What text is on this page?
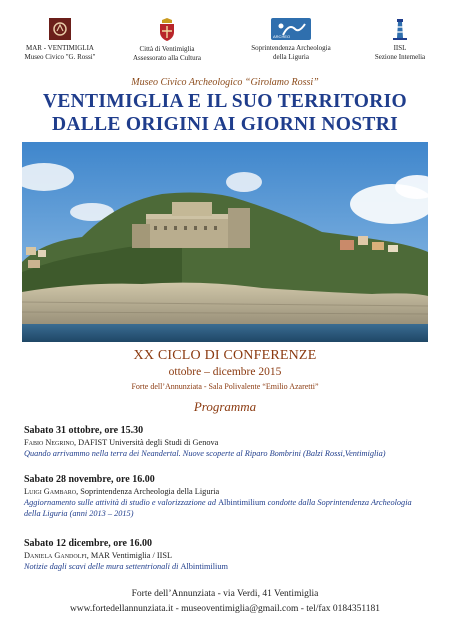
MAR - VENTIMIGLIA
Museo Civico "G. Rossi"
Città di Ventimiglia
Assessorato alla Cultura
ARCHEO
Soprintendenza Archeologia
della Liguria
IISL
Sezione Intemelia
Museo Civico Archeologico “Girolamo Rossi”
VENTIMIGLIA E IL SUO TERRITORIO
DALLE ORIGINI AI GIORNI NOSTRI
XX CICLO DI CONFERENZE
ottobre – dicembre 2015
Forte dell’Annunziata - Sala Polivalente “Emilio Azaretti”
Programma
Sabato 31 ottobre, ore 15.30
Fabio Negrino, DAFIST Università degli Studi di Genova
Quando arrivammo nella terra dei Neandertal. Nuove scoperte al Riparo Bombrini (Balzi Rossi,Ventimiglia)
Sabato 28 novembre, ore 16.00
Luigi Gambaro, Soprintendenza Archeologia della Liguria
Aggiornamento sulle attività di studio e valorizzazione ad Albintimilium condotte dalla Soprintendenza Archeologia della Liguria (anni 2013 – 2015)
Sabato 12 dicembre, ore 16.00
Daniela Gandolfi, MAR Ventimiglia / IISL
Notizie dagli scavi delle mura settentrionali di Albintimilium
Forte dell’Annunziata - via Verdi, 41 Ventimiglia
www.fortedellannunziata.it - museoventimiglia@gmail.com - tel/fax 0184351181
